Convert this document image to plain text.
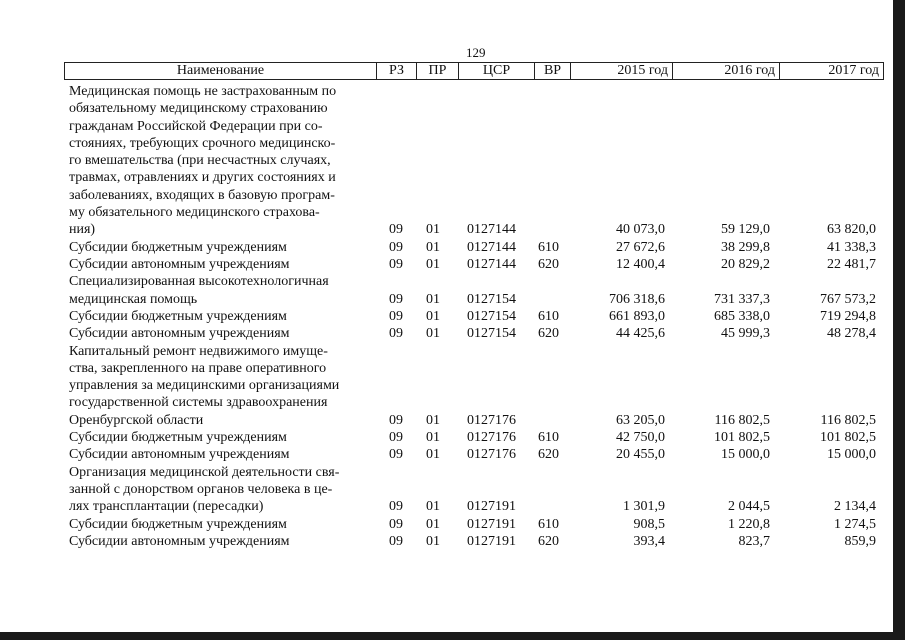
129
Наименование	РЗ	ПР	ЦСР	ВР	2015 год	2016 год	2017 год
Медицинская помощь не застрахованным по
обязательному медицинскому страхованию
гражданам Российской Федерации при со-
стояниях, требующих срочного медицинско-
го вмешательства (при несчастных случаях,
травмах, отравлениях и других состояниях и
заболеваниях, входящих в базовую програм-
му обязательного медицинского страхова-
ния)	09 01 0127144	40 073,0	59 129,0	63 820,0
Субсидии бюджетным учреждениям	09 01 0127144 610	27 672,6	38 299,8	41 338,3
Субсидии автономным учреждениям	09 01 0127144 620	12 400,4	20 829,2	22 481,7
Специализированная высокотехнологичная
медицинская помощь	09 01 0127154	706 318,6	731 337,3	767 573,2
Субсидии бюджетным учреждениям	09 01 0127154 610	661 893,0	685 338,0	719 294,8
Субсидии автономным учреждениям	09 01 0127154 620	44 425,6	45 999,3	48 278,4
Капитальный ремонт недвижимого имуще-
ства, закрепленного на праве оперативного
управления за медицинскими организациями
государственной системы здравоохранения
Оренбургской области	09 01 0127176	63 205,0	116 802,5	116 802,5
Субсидии бюджетным учреждениям	09 01 0127176 610	42 750,0	101 802,5	101 802,5
Субсидии автономным учреждениям	09 01 0127176 620	20 455,0	15 000,0	15 000,0
Организация медицинской деятельности свя-
занной с донорством органов человека в це-
лях трансплантации (пересадки)	09 01 0127191	1 301,9	2 044,5	2 134,4
Субсидии бюджетным учреждениям	09 01 0127191 610	908,5	1 220,8	1 274,5
Субсидии автономным учреждениям	09 01 0127191 620	393,4	823,7	859,9
